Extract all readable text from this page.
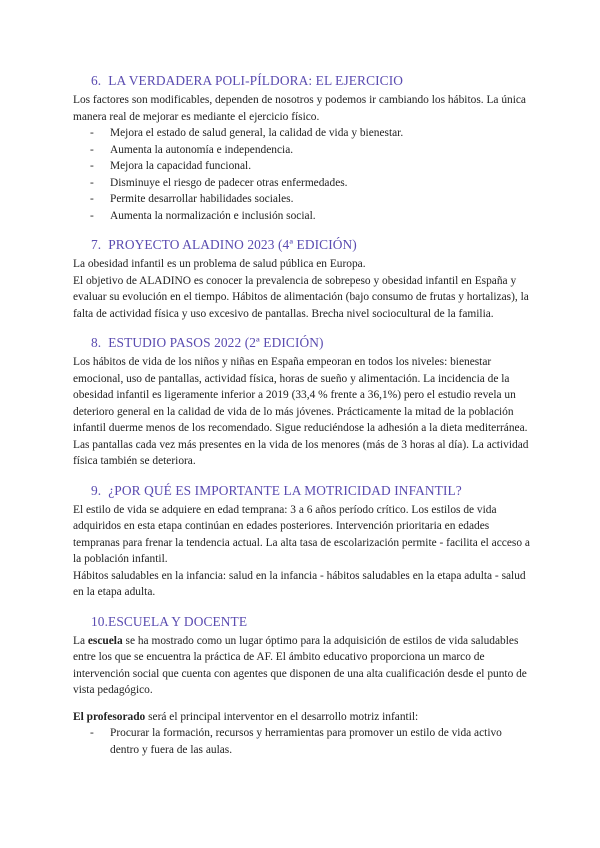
6. LA VERDADERA POLI-PÍLDORA: EL EJERCICIO

Los factores son modificables, dependen de nosotros y podemos ir cambiando los hábitos. La única manera real de mejorar es mediante el ejercicio físico.

- Mejora el estado de salud general, la calidad de vida y bienestar.
- Aumenta la autonomía e independencia.
- Mejora la capacidad funcional.
- Disminuye el riesgo de padecer otras enfermedades.
- Permite desarrollar habilidades sociales.
- Aumenta la normalización e inclusión social.
7. PROYECTO ALADINO 2023 (4ª EDICIÓN)

La obesidad infantil es un problema de salud pública en Europa.

El objetivo de ALADINO es conocer la prevalencia de sobrepeso y obesidad infantil en España y evaluar su evolución en el tiempo. Hábitos de alimentación (bajo consumo de frutas y hortalizas), la falta de actividad física y uso excesivo de pantallas. Brecha nivel sociocultural de la familia.

8. ESTUDIO PASOS 2022 (2ª EDICIÓN)

Los hábitos de vida de los niños y niñas en España empeoran en todos los niveles: bienestar emocional, uso de pantallas, actividad física, horas de sueño y alimentación. La incidencia de la obesidad infantil es ligeramente inferior a 2019 (33,4 % frente a 36,1%) pero el estudio revela un deterioro general en la calidad de vida de lo más jóvenes. Prácticamente la mitad de la población infantil duerme menos de los recomendado. Sigue reduciéndose la adhesión a la dieta mediterránea. Las pantallas cada vez más presentes en la vida de los menores (más de 3 horas al día). La actividad física también se deteriora.

9. ¿POR QUÉ ES IMPORTANTE LA MOTRICIDAD INFANTIL?

El estilo de vida se adquiere en edad temprana: 3 a 6 años período crítico. Los estilos de vida adquiridos en esta etapa continúan en edades posteriores. Intervención prioritaria en edades tempranas para frenar la tendencia actual. La alta tasa de escolarización permite - facilita el acceso a la población infantil.

Hábitos saludables en la infancia: salud en la infancia - hábitos saludables en la etapa adulta - salud en la etapa adulta.

10.ESCUELA Y DOCENTE

La escuela se ha mostrado como un lugar óptimo para la adquisición de estilos de vida saludables entre los que se encuentra la práctica de AF. El ámbito educativo proporciona un marco de intervención social que cuenta con agentes que disponen de una alta cualificación desde el punto de vista pedagógico.

El profesorado será el principal interventor en el desarrollo motriz infantil:

- Procurar la formación, recursos y herramientas para promover un estilo de vida activo dentro y fuera de las aulas.
